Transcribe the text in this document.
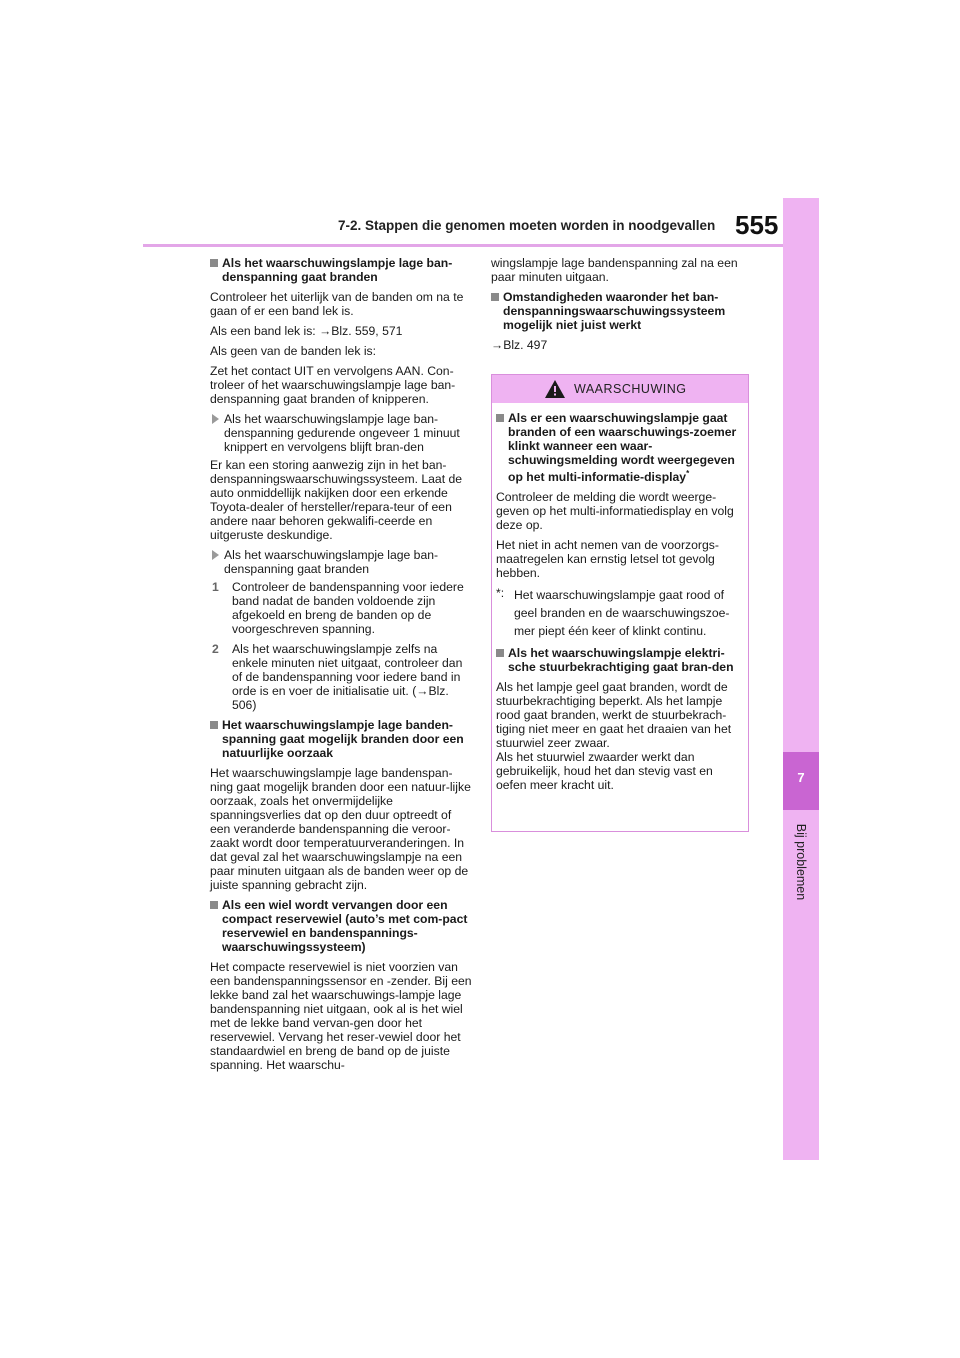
7-2. Stappen die genomen moeten worden in noodgevallen 555
7
Bij problemen
Als het waarschuwingslampje lage ban-denspanning gaat branden

Controleer het uiterlijk van de banden om na te gaan of er een band lek is.

Als een band lek is: →Blz. 559, 571

Als geen van de banden lek is:

Zet het contact UIT en vervolgens AAN. Con-troleer of het waarschuwingslampje lage ban-denspanning gaat branden of knipperen.

Als het waarschuwingslampje lage ban-denspanning gedurende ongeveer 1 minuut knippert en vervolgens blijft bran-den

Er kan een storing aanwezig zijn in het ban-denspanningswaarschuwingssysteem. Laat de auto onmiddellijk nakijken door een erkende Toyota-dealer of hersteller/repara-teur of een andere naar behoren gekwalifi-ceerde en uitgeruste deskundige.

Als het waarschuwingslampje lage ban-denspanning gaat branden
1 Controleer de bandenspanning voor iedere band nadat de banden voldoende zijn afgekoeld en breng de banden op de voorgeschreven spanning.
2 Als het waarschuwingslampje zelfs na enkele minuten niet uitgaat, controleer dan of de bandenspanning voor iedere band in orde is en voer de initialisatie uit. (→Blz. 506)
Het waarschuwingslampje lage banden-spanning gaat mogelijk branden door een natuurlijke oorzaak

Het waarschuwingslampje lage bandenspan-ning gaat mogelijk branden door een natuur-lijke oorzaak, zoals het onvermijdelijke spanningsverlies dat op den duur optreedt of een veranderde bandenspanning die veroor-zaakt wordt door temperatuurveranderingen. In dat geval zal het waarschuwingslampje na een paar minuten uitgaan als de banden weer op de juiste spanning gebracht zijn.

Als een wiel wordt vervangen door een compact reservewiel (auto’s met com-pact reservewiel en bandenspannings-waarschuwingssysteem)

Het compacte reservewiel is niet voorzien van een bandenspanningssensor en -zender. Bij een lekke band zal het waarschuwings-lampje lage bandenspanning niet uitgaan, ook al is het wiel met de lekke band vervan-gen door het reservewiel. Vervang het reser-vewiel door het standaardwiel en breng de band op de juiste spanning. Het waarschu-

wingslampje lage bandenspanning zal na een paar minuten uitgaan.

Omstandigheden waaronder het ban-denspanningswaarschuwingssysteem mogelijk niet juist werkt

→Blz. 497

WAARSCHUWING
Als er een waarschuwingslampje gaat branden of een waarschuwings-zoemer klinkt wanneer een waar-schuwingsmelding wordt weergegeven op het multi-informatie-display*

Controleer de melding die wordt weerge-geven op het multi-informatiedisplay en volg deze op.

Het niet in acht nemen van de voorzorgs-maatregelen kan ernstig letsel tot gevolg hebben.

*: Het waarschuwingslampje gaat rood of geel branden en de waarschuwingszoe-mer piept één keer of klinkt continu.
Als het waarschuwingslampje elektri-sche stuurbekrachtiging gaat bran-den

Als het lampje geel gaat branden, wordt de stuurbekrachtiging beperkt. Als het lampje rood gaat branden, werkt de stuurbekrach-tiging niet meer en gaat het draaien van het stuurwiel zeer zwaar.

Als het stuurwiel zwaarder werkt dan gebruikelijk, houd het dan stevig vast en oefen meer kracht uit.
